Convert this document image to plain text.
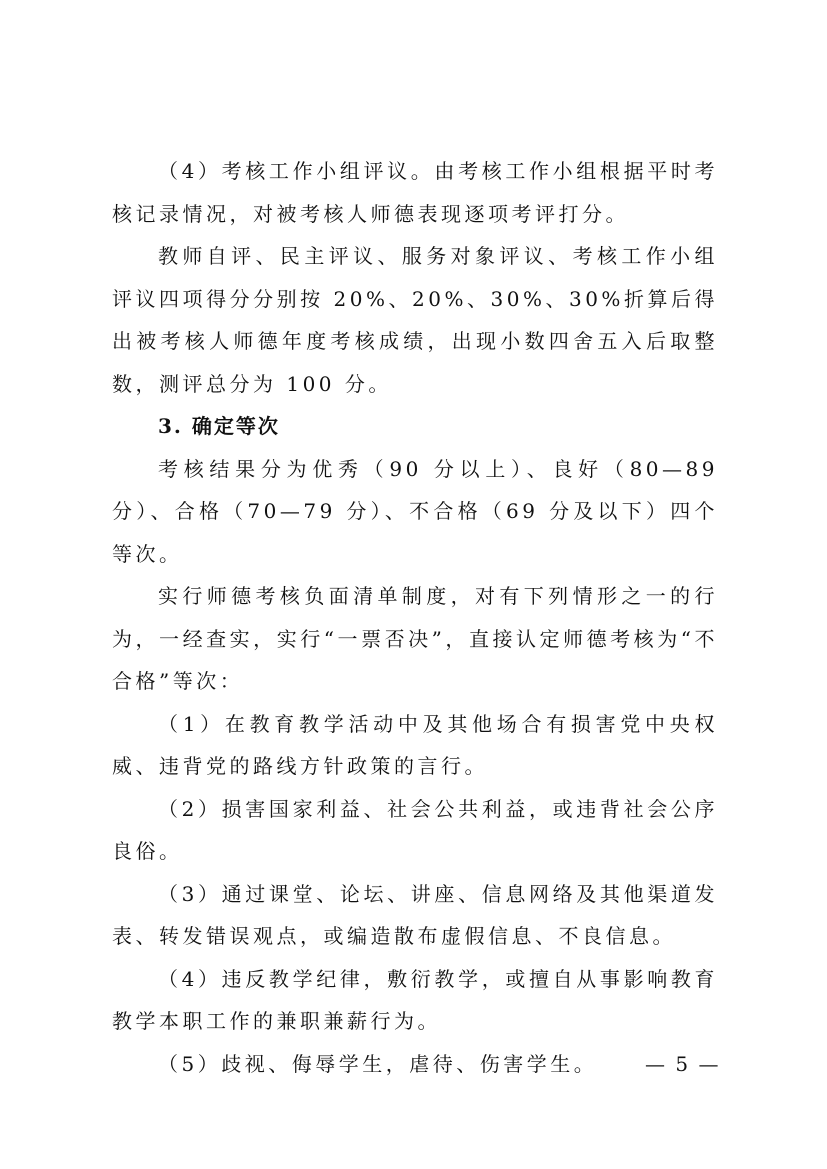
（4）考核工作小组评议。由考核工作小组根据平时考核记录情况，对被考核人师德表现逐项考评打分。

教师自评、民主评议、服务对象评议、考核工作小组评议四项得分分别按 20%、20%、30%、30%折算后得出被考核人师德年度考核成绩，出现小数四舍五入后取整数，测评总分为 100 分。

3. 确定等次

考核结果分为优秀（90 分以上）、良好（80—89 分）、合格（70—79 分）、不合格（69 分及以下）四个等次。

实行师德考核负面清单制度，对有下列情形之一的行为，一经查实，实行“一票否决”，直接认定师德考核为“不合格”等次：

（1）在教育教学活动中及其他场合有损害党中央权威、违背党的路线方针政策的言行。

（2）损害国家利益、社会公共利益，或违背社会公序良俗。

（3）通过课堂、论坛、讲座、信息网络及其他渠道发表、转发错误观点，或编造散布虚假信息、不良信息。

（4）违反教学纪律，敷衍教学，或擅自从事影响教育教学本职工作的兼职兼薪行为。

（5）歧视、侮辱学生，虐待、伤害学生。	— 5 —
